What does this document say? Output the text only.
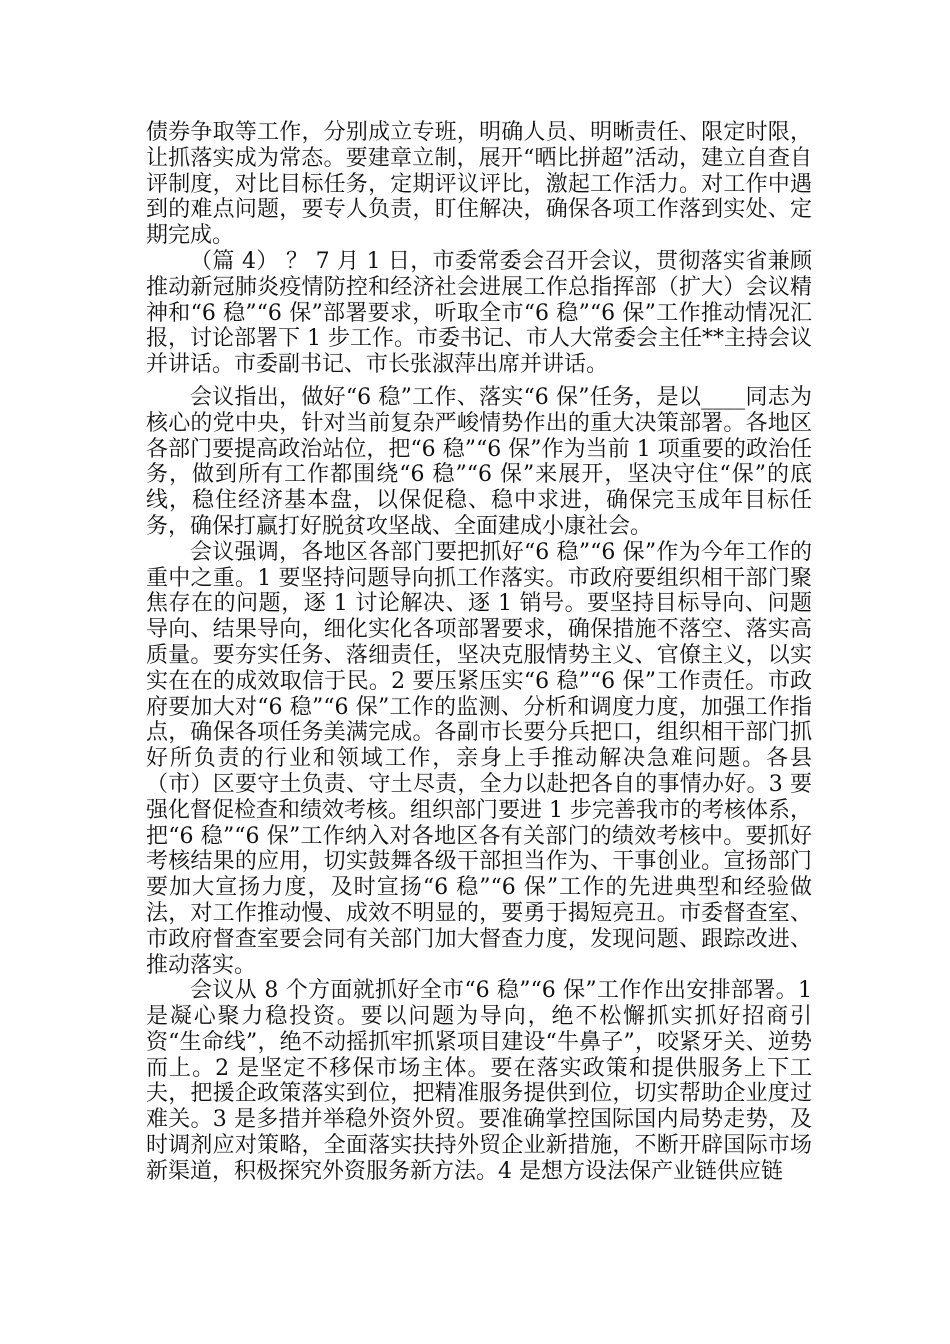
债券争取等工作，分别成立专班，明确人员、明晰责任、限定时限，让抓落实成为常态。要建章立制，展开“晒比拼超”活动，建立自查自评制度，对比目标任务，定期评议评比，激起工作活力。对工作中遇到的难点问题，要专人负责，盯住解决，确保各项工作落到实处、定期完成。

（篇 4） ？ 7 月 1 日，市委常委会召开会议，贯彻落实省兼顾推动新冠肺炎疫情防控和经济社会进展工作总指挥部（扩大）会议精神和“6 稳”“6 保”部署要求，听取全市“6 稳”“6 保”工作推动情况汇报，讨论部署下 1 步工作。市委书记、市人大常委会主任**主持会议并讲话。市委副书记、市长张淑萍出席并讲话。

会议指出，做好“6 稳”工作、落实“6 保”任务，是以____同志为核心的党中央，针对当前复杂严峻情势作出的重大决策部署。各地区各部门要提高政治站位，把“6 稳”“6 保”作为当前 1 项重要的政治任务，做到所有工作都围绕“6 稳”“6 保”来展开，坚决守住“保”的底线，稳住经济基本盘，以保促稳、稳中求进，确保完玉成年目标任务，确保打赢打好脱贫攻坚战、全面建成小康社会。

会议强调，各地区各部门要把抓好“6 稳”“6 保”作为今年工作的重中之重。1 要坚持问题导向抓工作落实。市政府要组织相干部门聚焦存在的问题，逐 1 讨论解决、逐 1 销号。要坚持目标导向、问题导向、结果导向，细化实化各项部署要求，确保措施不落空、落实高质量。要夯实任务、落细责任，坚决克服情势主义、官僚主义，以实实在在的成效取信于民。2 要压紧压实“6 稳”“6 保”工作责任。市政府要加大对“6 稳”“6 保”工作的监测、分析和调度力度，加强工作指点，确保各项任务美满完成。各副市长要分兵把口，组织相干部门抓好所负责的行业和领域工作，亲身上手推动解决急难问题。各县（市）区要守土负责、守土尽责，全力以赴把各自的事情办好。3 要强化督促检查和绩效考核。组织部门要进 1 步完善我市的考核体系，把“6 稳”“6 保”工作纳入对各地区各有关部门的绩效考核中。要抓好考核结果的应用，切实鼓舞各级干部担当作为、干事创业。宣扬部门要加大宣扬力度，及时宣扬“6 稳”“6 保”工作的先进典型和经验做法，对工作推动慢、成效不明显的，要勇于揭短亮丑。市委督查室、市政府督查室要会同有关部门加大督查力度，发现问题、跟踪改进、推动落实。

会议从 8 个方面就抓好全市“6 稳”“6 保”工作作出安排部署。1 是凝心聚力稳投资。要以问题为导向，绝不松懈抓实抓好招商引资“生命线”，绝不动摇抓牢抓紧项目建设“牛鼻子”，咬紧牙关、逆势而上。2 是坚定不移保市场主体。要在落实政策和提供服务上下工夫，把援企政策落实到位，把精准服务提供到位，切实帮助企业度过难关。3 是多措并举稳外资外贸。要准确掌控国际国内局势走势，及时调剂应对策略，全面落实扶持外贸企业新措施，不断开辟国际市场新渠道，积极探究外资服务新方法。4 是想方设法保产业链供应链
